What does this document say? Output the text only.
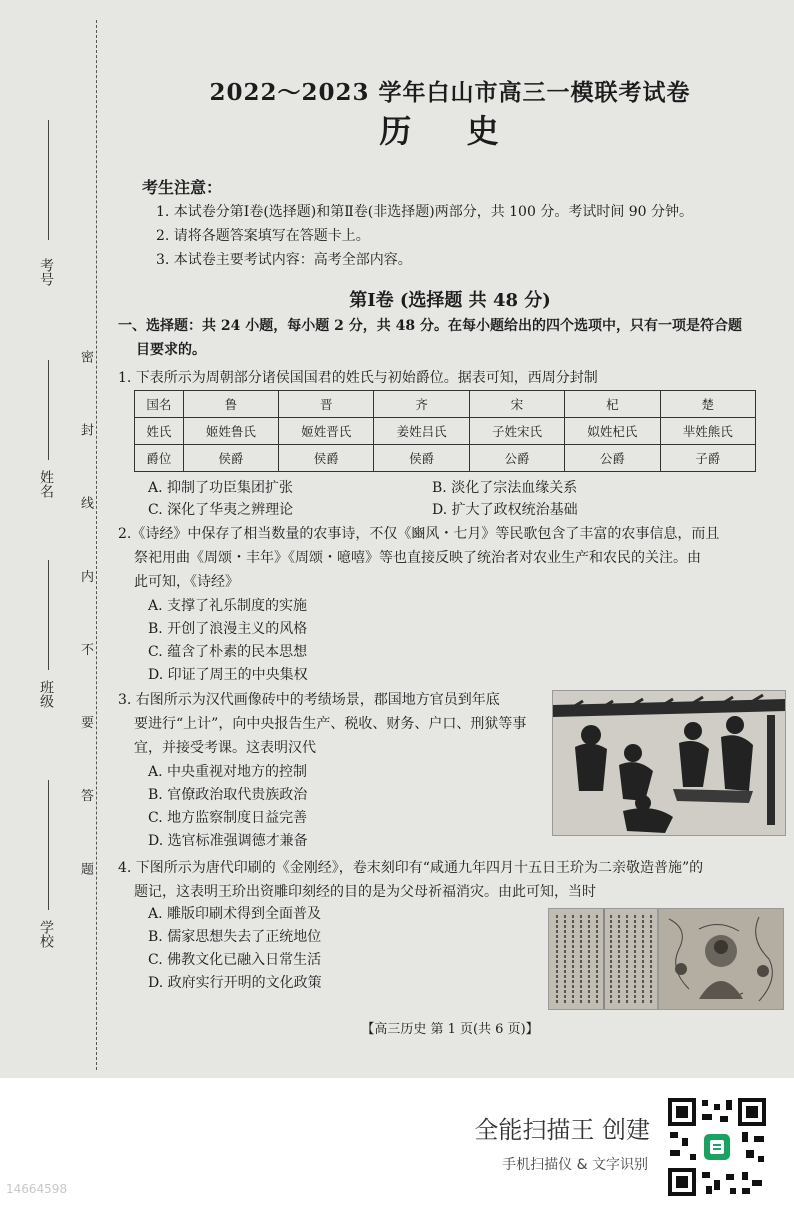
考号
姓名
班级
学校
密 封 线 内 不 要 答 题
2022～2023 学年白山市高三一模联考试卷
历 史
考生注意：
1. 本试卷分第Ⅰ卷(选择题)和第Ⅱ卷(非选择题)两部分，共 100 分。考试时间 90 分钟。
2. 请将各题答案填写在答题卡上。
3. 本试卷主要考试内容：高考全部内容。
第Ⅰ卷 (选择题 共 48 分)
一、选择题：共 24 小题，每小题 2 分，共 48 分。在每小题给出的四个选项中，只有一项是符合题
目要求的。
1. 下表所示为周朝部分诸侯国国君的姓氏与初始爵位。据表可知，西周分封制
国名	鲁	晋	齐	宋	杞	楚
姓氏	姬姓鲁氏	姬姓晋氏	姜姓吕氏	子姓宋氏	姒姓杞氏	芈姓熊氏
爵位	侯爵	侯爵	侯爵	公爵	公爵	子爵
A. 抑制了功臣集团扩张	B. 淡化了宗法血缘关系
C. 深化了华夷之辨理论	D. 扩大了政权统治基础
2.《诗经》中保存了相当数量的农事诗，不仅《豳风・七月》等民歌包含了丰富的农事信息，而且
祭祀用曲《周颂・丰年》《周颂・噫嘻》等也直接反映了统治者对农业生产和农民的关注。由
此可知，《诗经》
A. 支撑了礼乐制度的实施
B. 开创了浪漫主义的风格
C. 蕴含了朴素的民本思想
D. 印证了周王的中央集权
3. 右图所示为汉代画像砖中的考绩场景，郡国地方官员到年底
要进行“上计”，向中央报告生产、税收、财务、户口、刑狱等事
宜，并接受考课。这表明汉代
A. 中央重视对地方的控制
B. 官僚政治取代贵族政治
C. 地方监察制度日益完善
D. 选官标准强调德才兼备
4. 下图所示为唐代印刷的《金刚经》，卷末刻印有“咸通九年四月十五日王玠为二亲敬造普施”的
题记，这表明王玠出资雕印刻经的目的是为父母祈福消灾。由此可知，当时
A. 雕版印刷术得到全面普及
B. 儒家思想失去了正统地位
C. 佛教文化已融入日常生活
D. 政府实行开明的文化政策
【高三历史 第 1 页(共 6 页)】
全能扫描王 创建
手机扫描仪 & 文字识别
14664598
